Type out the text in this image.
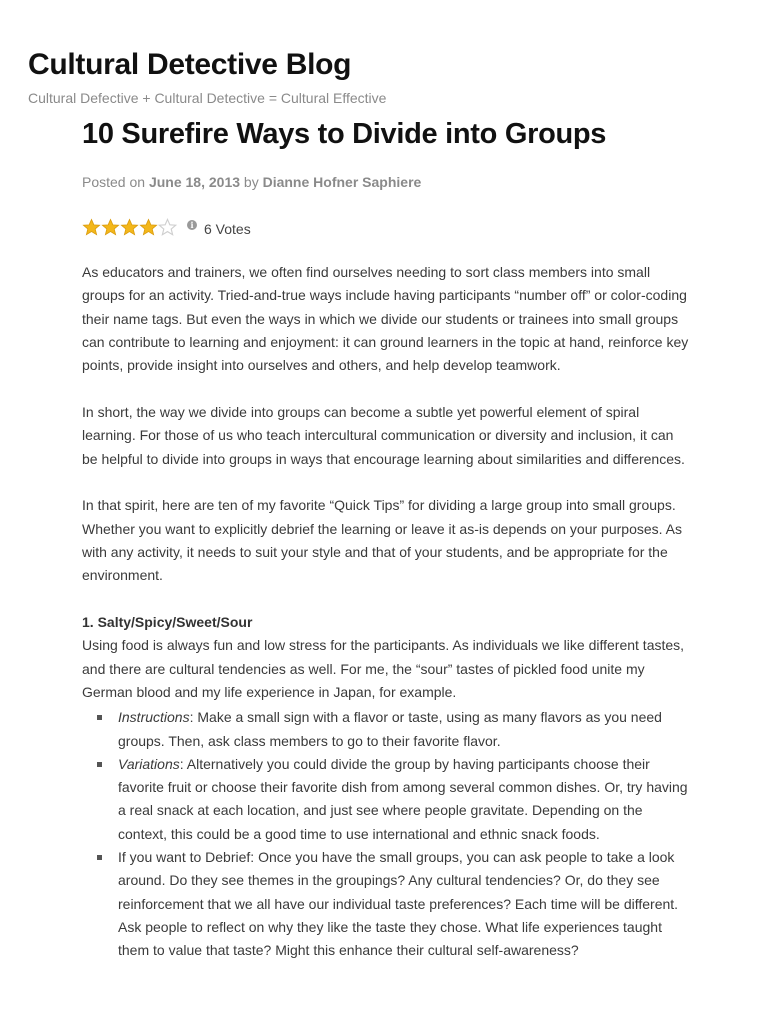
Cultural Detective Blog

Cultural Defective + Cultural Detective = Cultural Effective

10 Surefire Ways to Divide into Groups

Posted on June 18, 2013 by Dianne Hofner Saphiere

i 6 Votes

As educators and trainers, we often find ourselves needing to sort class members into small groups for an activity. Tried-and-true ways include having participants “number off” or color-coding their name tags. But even the ways in which we divide our students or trainees into small groups can contribute to learning and enjoyment: it can ground learners in the topic at hand, reinforce key points, provide insight into ourselves and others, and help develop teamwork.

In short, the way we divide into groups can become a subtle yet powerful element of spiral learning. For those of us who teach intercultural communication or diversity and inclusion, it can be helpful to divide into groups in ways that encourage learning about similarities and differences.

In that spirit, here are ten of my favorite “Quick Tips” for dividing a large group into small groups. Whether you want to explicitly debrief the learning or leave it as-is depends on your purposes. As with any activity, it needs to suit your style and that of your students, and be appropriate for the environment.

1. Salty/Spicy/Sweet/Sour

Using food is always fun and low stress for the participants. As individuals we like different tastes, and there are cultural tendencies as well. For me, the “sour” tastes of pickled food unite my German blood and my life experience in Japan, for example.

Instructions: Make a small sign with a flavor or taste, using as many flavors as you need groups. Then, ask class members to go to their favorite flavor.
Variations: Alternatively you could divide the group by having participants choose their favorite fruit or choose their favorite dish from among several common dishes. Or, try having a real snack at each location, and just see where people gravitate. Depending on the context, this could be a good time to use international and ethnic snack foods.
If you want to Debrief: Once you have the small groups, you can ask people to take a look around. Do they see themes in the groupings? Any cultural tendencies? Or, do they see reinforcement that we all have our individual taste preferences? Each time will be different. Ask people to reflect on why they like the taste they chose. What life experiences taught them to value that taste? Might this enhance their cultural self-awareness?
